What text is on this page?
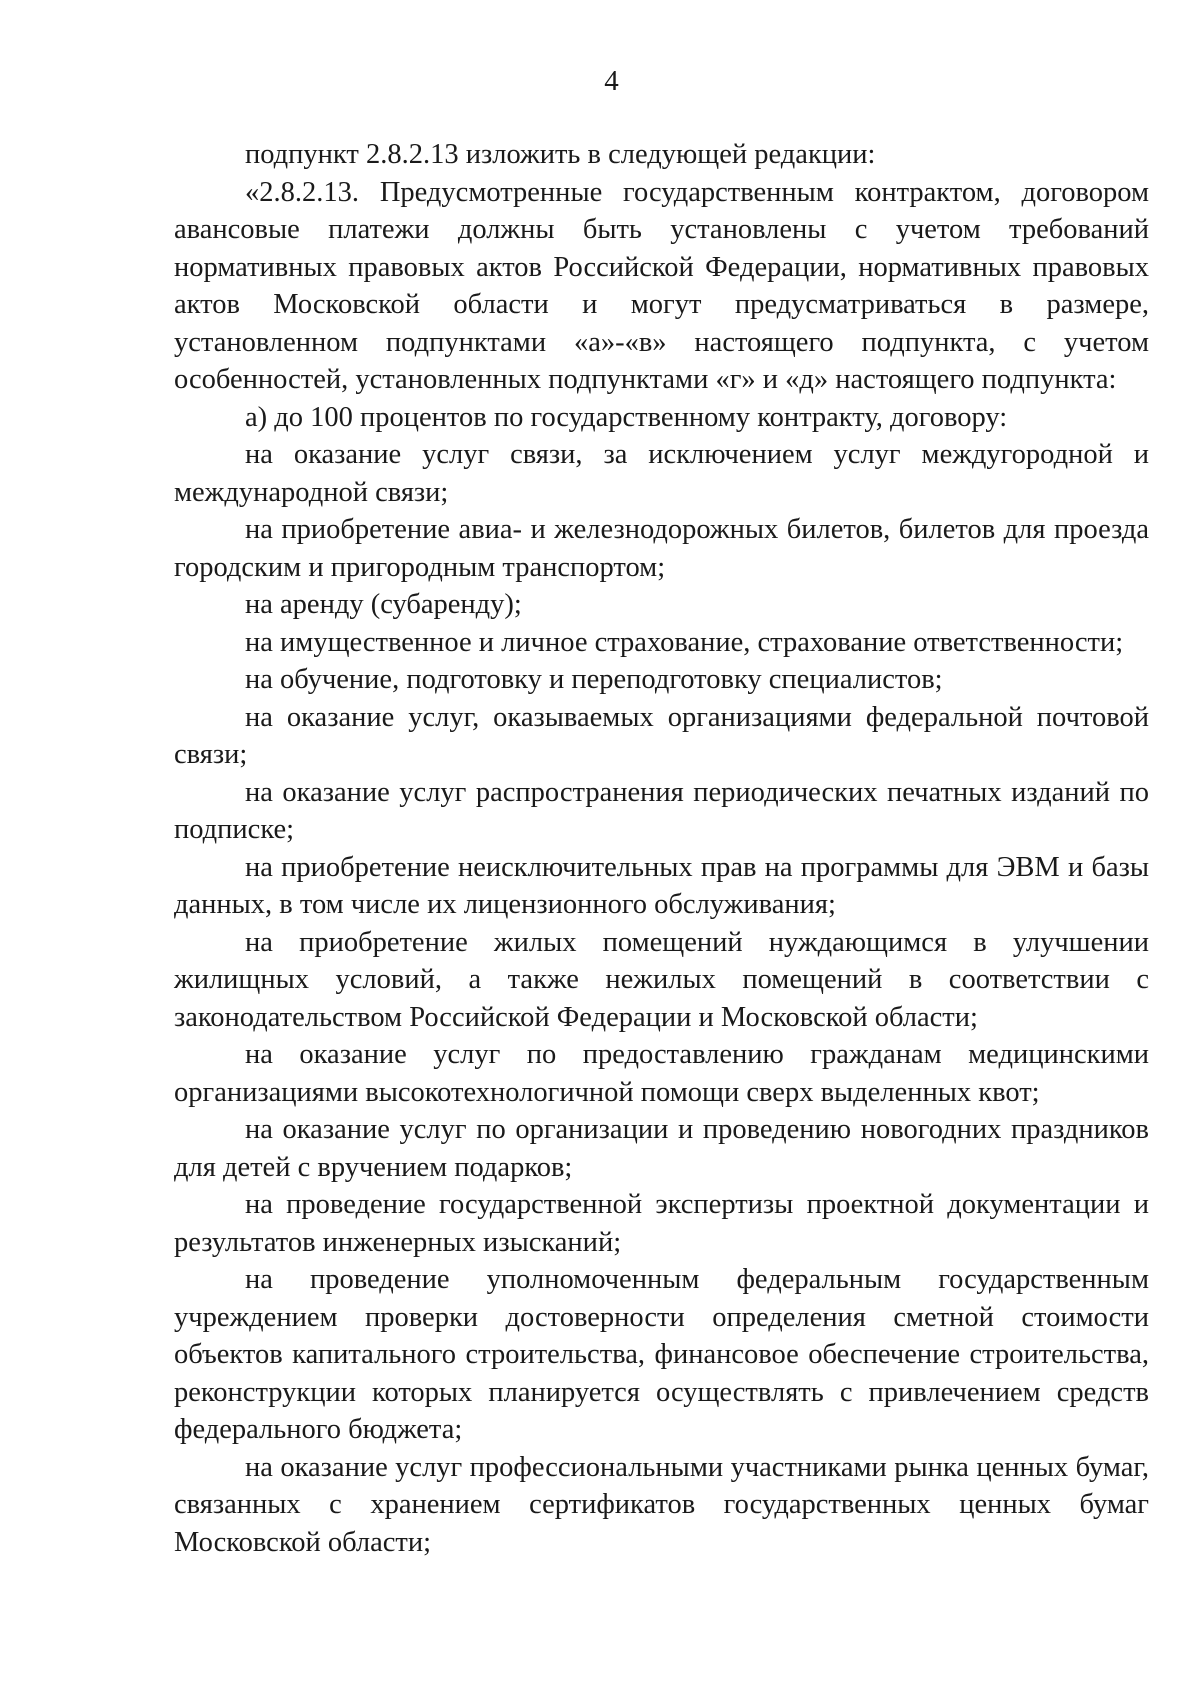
4

подпункт 2.8.2.13 изложить в следующей редакции:

«2.8.2.13. Предусмотренные государственным контрактом, договором авансовые платежи должны быть установлены с учетом требований нормативных правовых актов Российской Федерации, нормативных правовых актов Московской области и могут предусматриваться в размере, установленном подпунктами «а»-«в» настоящего подпункта, с учетом особенностей, установленных подпунктами «г» и «д» настоящего подпункта:

а) до 100 процентов по государственному контракту, договору:

на оказание услуг связи, за исключением услуг междугородной и международной связи;

на приобретение авиа- и железнодорожных билетов, билетов для проезда городским и пригородным транспортом;

на аренду (субаренду);

на имущественное и личное страхование, страхование ответственности;

на обучение, подготовку и переподготовку специалистов;

на оказание услуг, оказываемых организациями федеральной почтовой связи;

на оказание услуг распространения периодических печатных изданий по подписке;

на приобретение неисключительных прав на программы для ЭВМ и базы данных, в том числе их лицензионного обслуживания;

на приобретение жилых помещений нуждающимся в улучшении жилищных условий, а также нежилых помещений в соответствии с законодательством Российской Федерации и Московской области;

на оказание услуг по предоставлению гражданам медицинскими организациями высокотехнологичной помощи сверх выделенных квот;

на оказание услуг по организации и проведению новогодних праздников для детей с вручением подарков;

на проведение государственной экспертизы проектной документации и результатов инженерных изысканий;

на проведение уполномоченным федеральным государственным учреждением проверки достоверности определения сметной стоимости объектов капитального строительства, финансовое обеспечение строительства, реконструкции которых планируется осуществлять с привлечением средств федерального бюджета;

на оказание услуг профессиональными участниками рынка ценных бумаг, связанных с хранением сертификатов государственных ценных бумаг Московской области;
